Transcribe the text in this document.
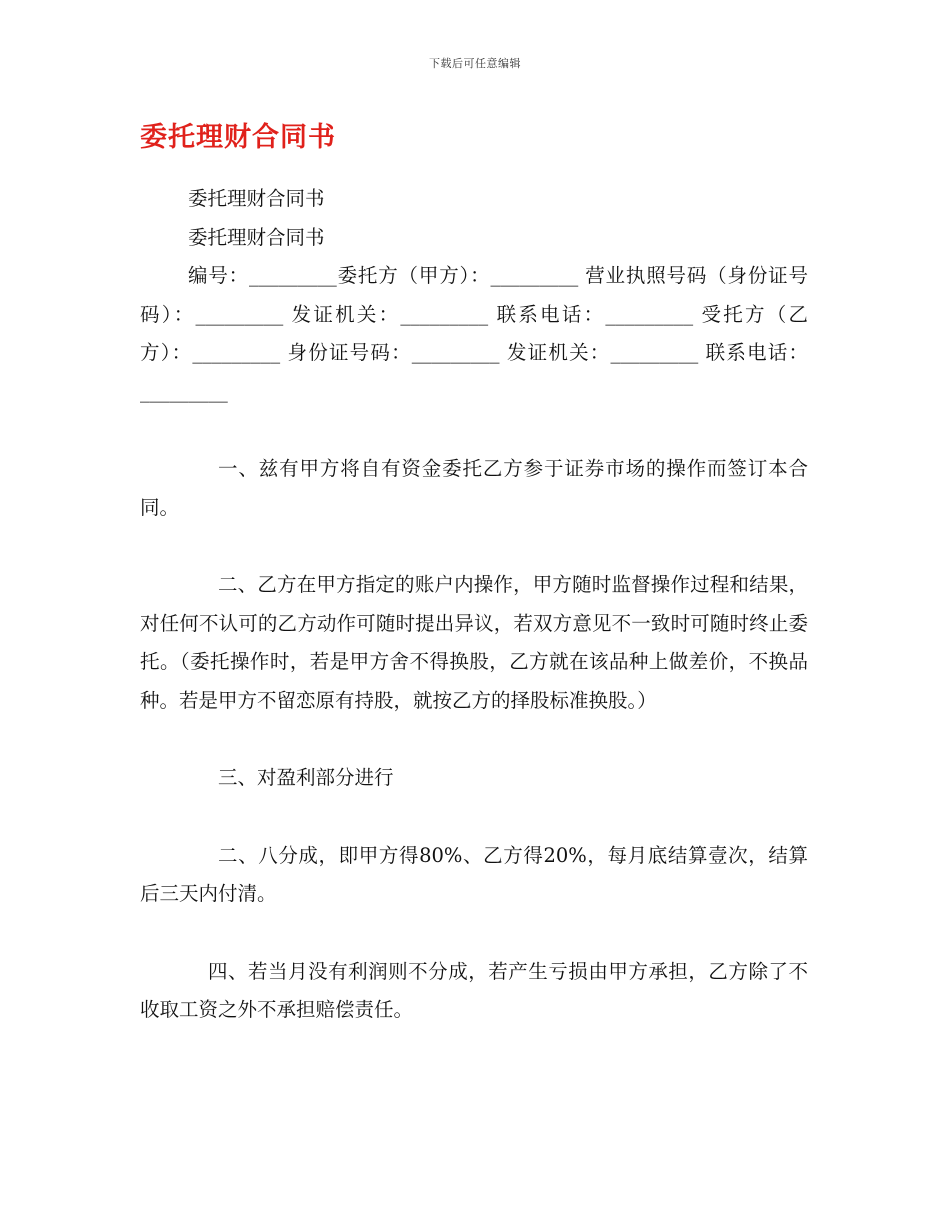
下载后可任意编辑
委托理财合同书

委托理财合同书

委托理财合同书

编号：_________委托方（甲方）：_________ 营业执照号码（身份证号码）：_________ 发证机关：_________ 联系电话：_________ 受托方（乙方）：_________ 身份证号码：_________ 发证机关：_________ 联系电话：_________

一、兹有甲方将自有资金委托乙方参于证券市场的操作而签订本合同。

二、乙方在甲方指定的账户内操作，甲方随时监督操作过程和结果，对任何不认可的乙方动作可随时提出异议，若双方意见不一致时可随时终止委托。（委托操作时，若是甲方舍不得换股，乙方就在该品种上做差价，不换品种。若是甲方不留恋原有持股，就按乙方的择股标准换股。）

三、对盈利部分进行

二、八分成，即甲方得80%、乙方得20%，每月底结算壹次，结算后三天内付清。

四、若当月没有利润则不分成，若产生亏损由甲方承担，乙方除了不收取工资之外不承担赔偿责任。
